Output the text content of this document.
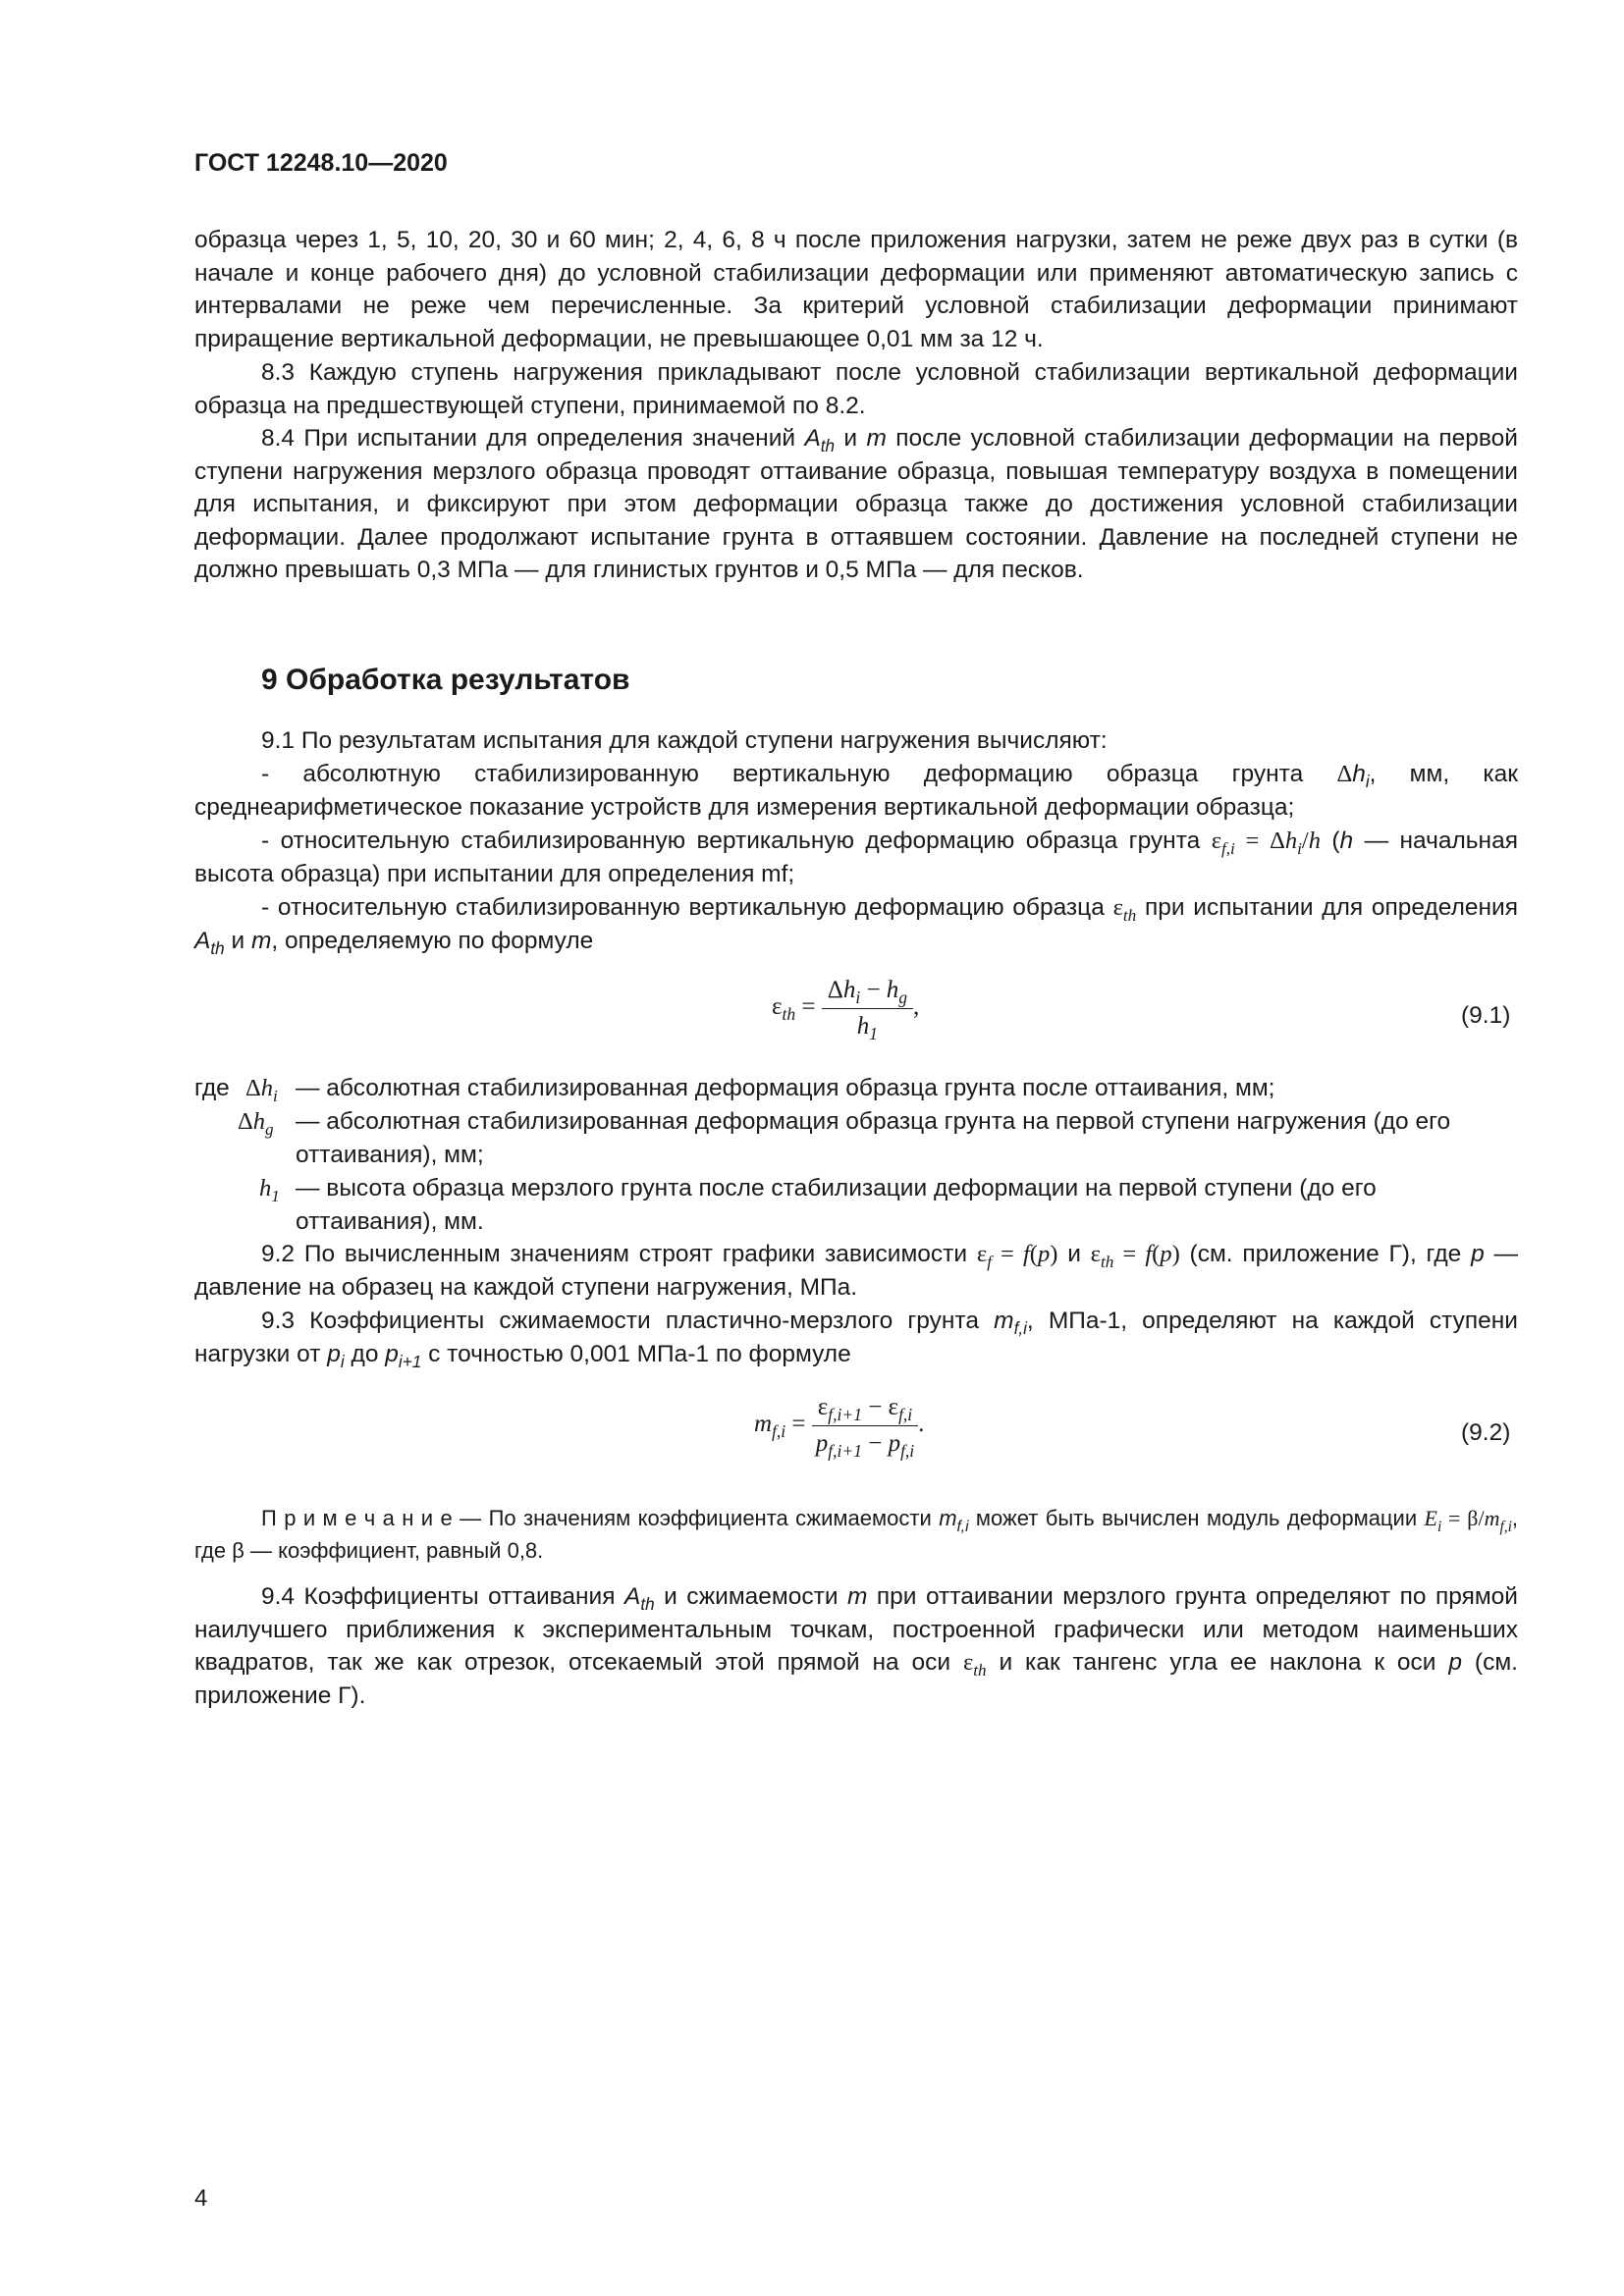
ГОСТ 12248.10—2020
образца через 1, 5, 10, 20, 30 и 60 мин; 2, 4, 6, 8 ч после приложения нагрузки, затем не реже двух раз в сутки (в начале и конце рабочего дня) до условной стабилизации деформации или применяют автоматическую запись с интервалами не реже чем перечисленные. За критерий условной стабилизации деформации принимают приращение вертикальной деформации, не превышающее 0,01 мм за 12 ч.
8.3 Каждую ступень нагружения прикладывают после условной стабилизации вертикальной деформации образца на предшествующей ступени, принимаемой по 8.2.
8.4 При испытании для определения значений $A_{th}$ и m после условной стабилизации деформации на первой ступени нагружения мерзлого образца проводят оттаивание образца, повышая температуру воздуха в помещении для испытания, и фиксируют при этом деформации образца также до достижения условной стабилизации деформации. Далее продолжают испытание грунта в оттаявшем состоянии. Давление на последней ступени не должно превышать 0,3 МПа — для глинистых грунтов и 0,5 МПа — для песков.
9 Обработка результатов
9.1 По результатам испытания для каждой ступени нагружения вычисляют:
- абсолютную стабилизированную вертикальную деформацию образца грунта $\Delta h_i$, мм, как среднеарифметическое показание устройств для измерения вертикальной деформации образца;
- относительную стабилизированную вертикальную деформацию образца грунта $\varepsilon_{f,i} = \Delta h_i/h$ (h — начальная высота образца) при испытании для определения mf;
- относительную стабилизированную вертикальную деформацию образца $\varepsilon_{th}$ при испытании для определения $A_{th}$ и m, определяемую по формуле
$\varepsilon_{th} = \frac{\Delta h_i - h_g}{h_1}$ ,	(9.1)
где $\Delta h_i$ — абсолютная стабилизированная деформация образца грунта после оттаивания, мм;
$\Delta h_g$ — абсолютная стабилизированная деформация образца грунта на первой ступени нагружения (до его оттаивания), мм;
$h_1$ — высота образца мерзлого грунта после стабилизации деформации на первой ступени (до его оттаивания), мм.
9.2 По вычисленным значениям строят графики зависимости $\varepsilon_f = f(p)$ и $\varepsilon_{th} = f(p)$ (см. приложение Г), где p — давление на образец на каждой ступени нагружения, МПа.
9.3 Коэффициенты сжимаемости пластично-мерзлого грунта $m_{f,i}$, МПа-1, определяют на каждой ступени нагрузки от $p_i$ до $p_{i+1}$ с точностью 0,001 МПа-1 по формуле
$m_{f,i} = \frac{\varepsilon_{f,i+1} - \varepsilon_{f,i}}{p_{f,i+1} - p_{f,i}}$ .	(9.2)
П р и м е ч а н и е — По значениям коэффициента сжимаемости $m_{f,i}$ может быть вычислен модуль деформации $E_i = \beta/m_{f,i}$, где β — коэффициент, равный 0,8.
9.4 Коэффициенты оттаивания $A_{th}$ и сжимаемости m при оттаивании мерзлого грунта определяют по прямой наилучшего приближения к экспериментальным точкам, построенной графически или методом наименьших квадратов, так же как отрезок, отсекаемый этой прямой на оси $\varepsilon_{th}$ и как тангенс угла ее наклона к оси p (см. приложение Г).
4
